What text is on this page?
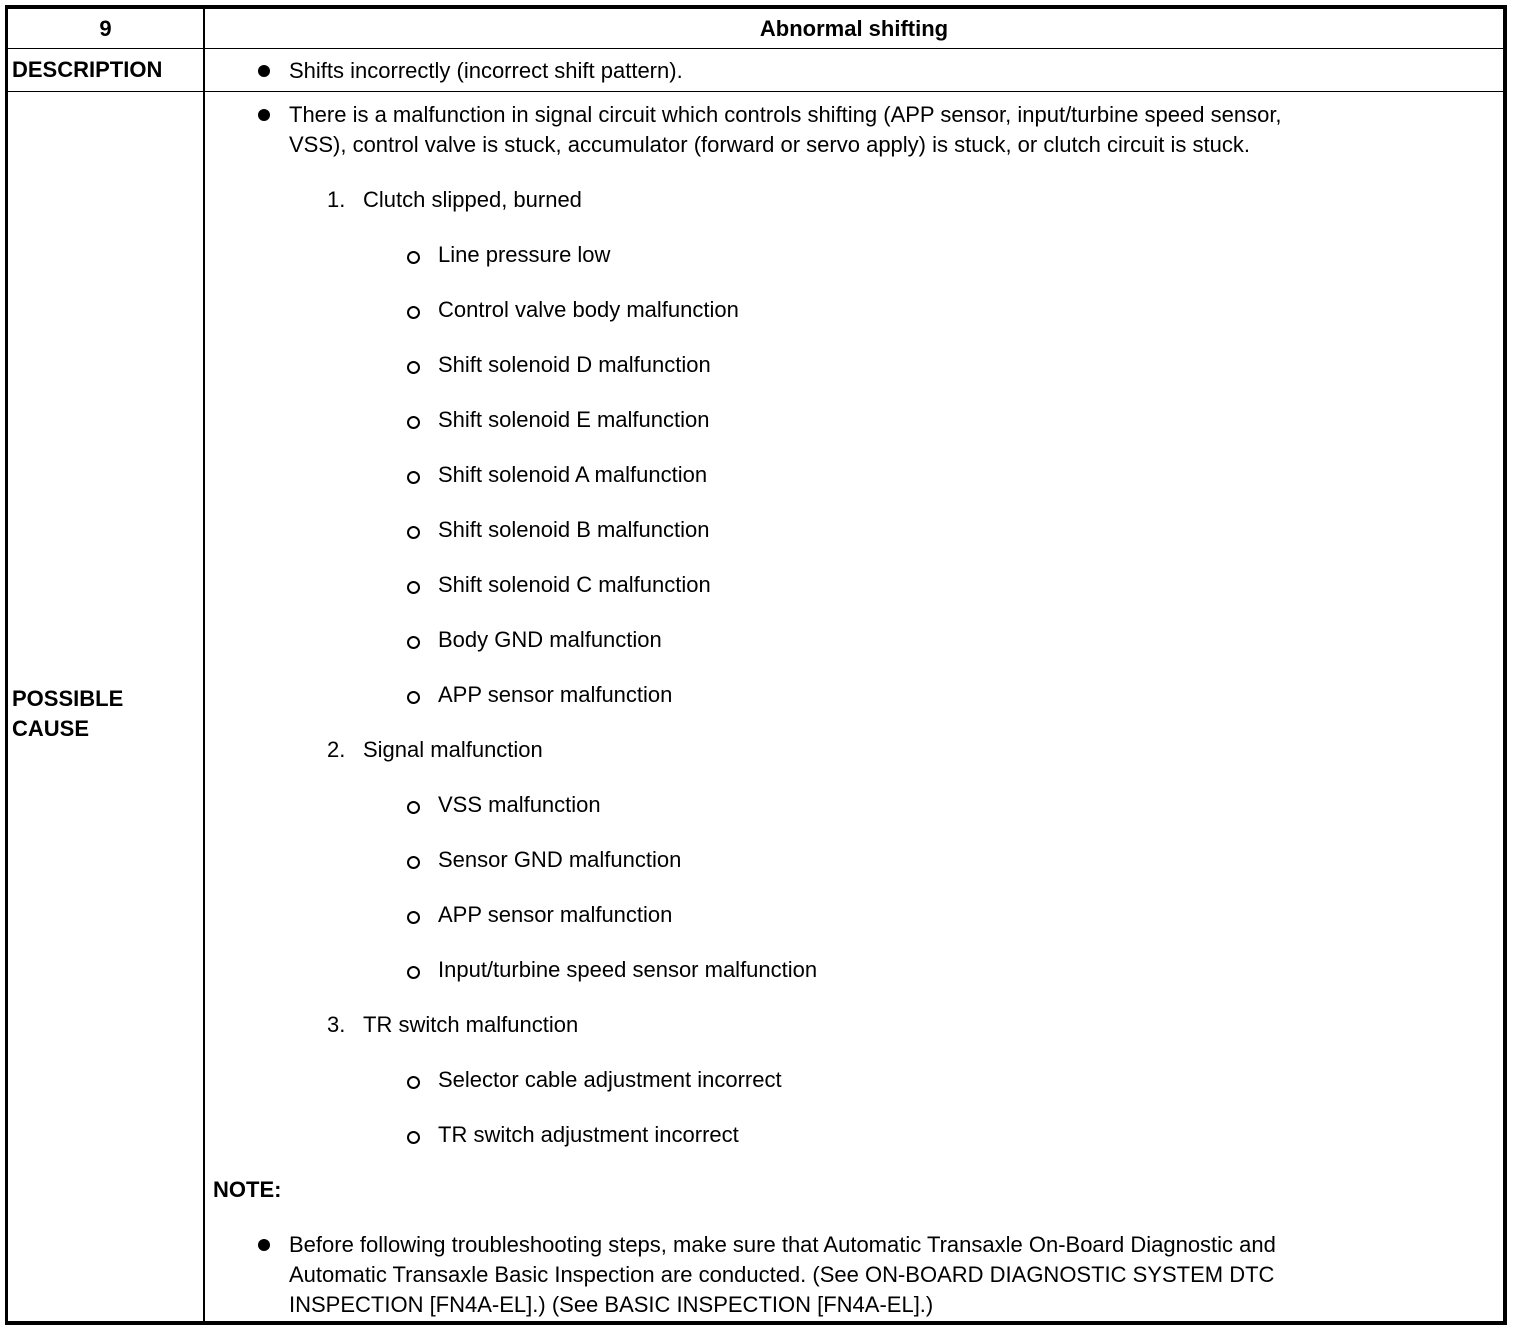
9	Abnormal shifting
DESCRIPTION	Shifts incorrectly (incorrect shift pattern).
POSSIBLE
CAUSE
There is a malfunction in signal circuit which controls shifting (APP sensor, input/turbine speed sensor,
VSS), control valve is stuck, accumulator (forward or servo apply) is stuck, or clutch circuit is stuck.
1. Clutch slipped, burned
Line pressure low
Control valve body malfunction
Shift solenoid D malfunction
Shift solenoid E malfunction
Shift solenoid A malfunction
Shift solenoid B malfunction
Shift solenoid C malfunction
Body GND malfunction
APP sensor malfunction
2. Signal malfunction
VSS malfunction
Sensor GND malfunction
APP sensor malfunction
Input/turbine speed sensor malfunction
3. TR switch malfunction
Selector cable adjustment incorrect
TR switch adjustment incorrect
NOTE:
Before following troubleshooting steps, make sure that Automatic Transaxle On-Board Diagnostic and
Automatic Transaxle Basic Inspection are conducted. (See ON-BOARD DIAGNOSTIC SYSTEM DTC
INSPECTION [FN4A-EL].) (See BASIC INSPECTION [FN4A-EL].)
